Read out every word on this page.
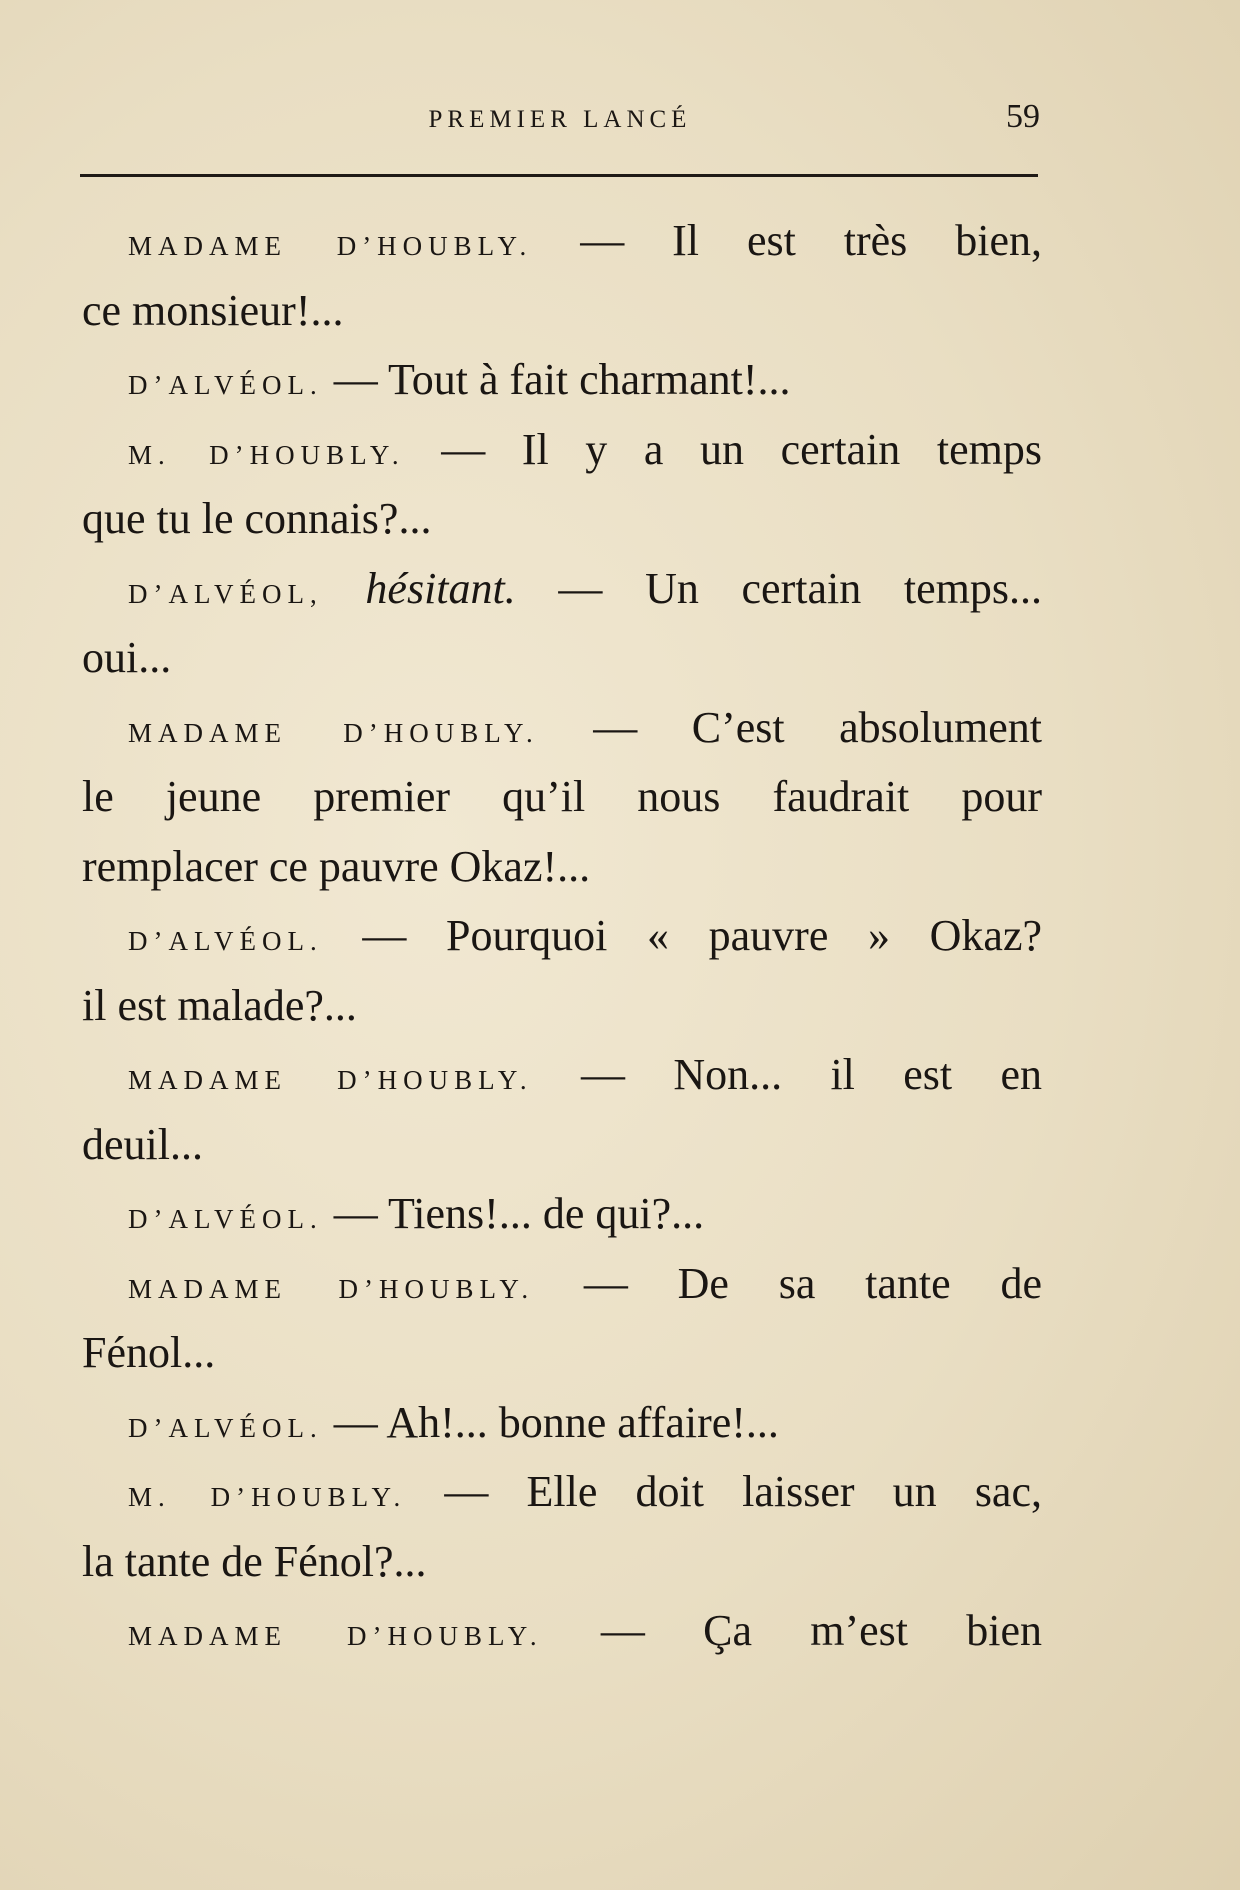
PREMIER LANCÉ	59
MADAME D’HOUBLY. — Il est très bien,
ce monsieur!...
D’ALVÉOL. — Tout à fait charmant!...
M. D’HOUBLY. — Il y a un certain temps
que tu le connais?...
D’ALVÉOL, hésitant. — Un certain temps...
oui...
MADAME D’HOUBLY. — C’est absolument
le jeune premier qu’il nous faudrait pour
remplacer ce pauvre Okaz!...
D’ALVÉOL. — Pourquoi « pauvre » Okaz?
il est malade?...
MADAME D’HOUBLY. — Non... il est en
deuil...
D’ALVÉOL. — Tiens!... de qui?...
MADAME D’HOUBLY. — De sa tante de
Fénol...
D’ALVÉOL. — Ah!... bonne affaire!...
M. D’HOUBLY. — Elle doit laisser un sac,
la tante de Fénol?...
MADAME D’HOUBLY. — Ça m’est bien
